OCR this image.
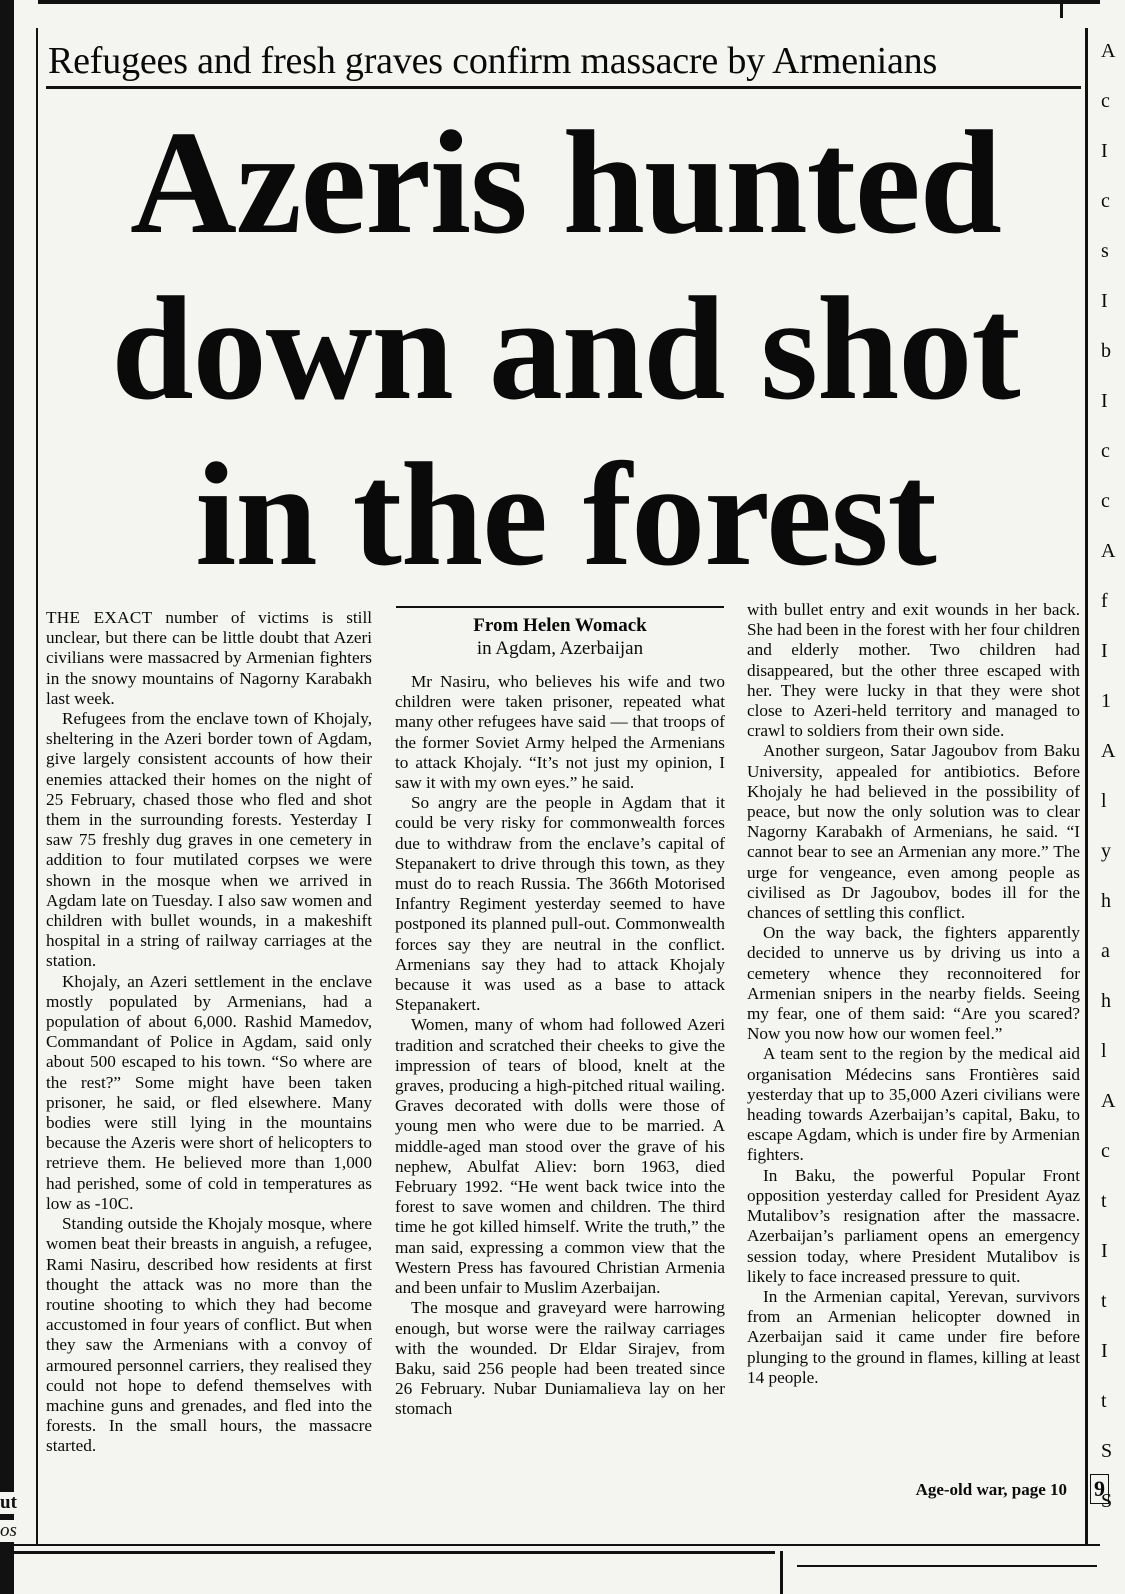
ut
os
Refugees and fresh graves confirm massacre by Armenians
Azeris hunted
down and shot
in the forest

THE EXACT number of victims is still unclear, but there can be little doubt that Azeri civilians were massacred by Armenian fighters in the snowy mountains of Nagorny Karabakh last week.

Refugees from the enclave town of Khojaly, sheltering in the Azeri border town of Agdam, give largely consistent accounts of how their enemies attacked their homes on the night of 25 February, chased those who fled and shot them in the surrounding forests. Yesterday I saw 75 freshly dug graves in one cemetery in addition to four mutilated corpses we were shown in the mosque when we arrived in Agdam late on Tuesday. I also saw women and children with bullet wounds, in a makeshift hospital in a string of railway carriages at the station.

Khojaly, an Azeri settlement in the enclave mostly populated by Armenians, had a population of about 6,000. Rashid Mamedov, Commandant of Police in Agdam, said only about 500 escaped to his town. “So where are the rest?” Some might have been taken prisoner, he said, or fled elsewhere. Many bodies were still lying in the mountains because the Azeris were short of helicopters to retrieve them. He believed more than 1,000 had perished, some of cold in temperatures as low as -10C.

Standing outside the Khojaly mosque, where women beat their breasts in anguish, a refugee, Rami Nasiru, described how residents at first thought the attack was no more than the routine shooting to which they had become accustomed in four years of conflict. But when they saw the Armenians with a convoy of armoured personnel carriers, they realised they could not hope to defend themselves with machine guns and grenades, and fled into the forests. In the small hours, the massacre started.

From Helen Womack
in Agdam, Azerbaijan

Mr Nasiru, who believes his wife and two children were taken prisoner, repeated what many other refugees have said — that troops of the former Soviet Army helped the Armenians to attack Khojaly. “It’s not just my opinion, I saw it with my own eyes.” he said.

So angry are the people in Agdam that it could be very risky for commonwealth forces due to withdraw from the enclave’s capital of Stepanakert to drive through this town, as they must do to reach Russia. The 366th Motorised Infantry Regiment yesterday seemed to have postponed its planned pull-out. Commonwealth forces say they are neutral in the conflict. Armenians say they had to attack Khojaly because it was used as a base to attack Stepanakert.

Women, many of whom had followed Azeri tradition and scratched their cheeks to give the impression of tears of blood, knelt at the graves, producing a high-pitched ritual wailing. Graves decorated with dolls were those of young men who were due to be married. A middle-aged man stood over the grave of his nephew, Abulfat Aliev: born 1963, died February 1992. “He went back twice into the forest to save women and children. The third time he got killed himself. Write the truth,” the man said, expressing a common view that the Western Press has favoured Christian Armenia and been unfair to Muslim Azerbaijan.

The mosque and graveyard were harrowing enough, but worse were the railway carriages with the wounded. Dr Eldar Sirajev, from Baku, said 256 people had been treated since 26 February. Nubar Duniamalieva lay on her stomach

with bullet entry and exit wounds in her back. She had been in the forest with her four children and elderly mother. Two children had disappeared, but the other three escaped with her. They were lucky in that they were shot close to Azeri-held territory and managed to crawl to soldiers from their own side.

Another surgeon, Satar Jagoubov from Baku University, appealed for antibiotics. Before Khojaly he had believed in the possibility of peace, but now the only solution was to clear Nagorny Karabakh of Armenians, he said. “I cannot bear to see an Armenian any more.” The urge for vengeance, even among people as civilised as Dr Jagoubov, bodes ill for the chances of settling this conflict.

On the way back, the fighters apparently decided to unnerve us by driving us into a cemetery whence they reconnoitered for Armenian snipers in the nearby fields. Seeing my fear, one of them said: “Are you scared? Now you now how our women feel.”

A team sent to the region by the medical aid organisation Médecins sans Frontières said yesterday that up to 35,000 Azeri civilians were heading towards Azerbaijan’s capital, Baku, to escape Agdam, which is under fire by Armenian fighters.

In Baku, the powerful Popular Front opposition yesterday called for President Ayaz Mutalibov’s resignation after the massacre. Azerbaijan’s parliament opens an emergency session today, where President Mutalibov is likely to face increased pressure to quit.

In the Armenian capital, Yerevan, survivors from an Armenian helicopter downed in Azerbaijan said it came under fire before plunging to the ground in flames, killing at least 14 people.

Age-old war, page 10 9
A
c
I
c
s
I
b
I
c
c
A
f
I
1
A
l
y
h
a
h
l
A
c
t
I
t
I
t
S
S
